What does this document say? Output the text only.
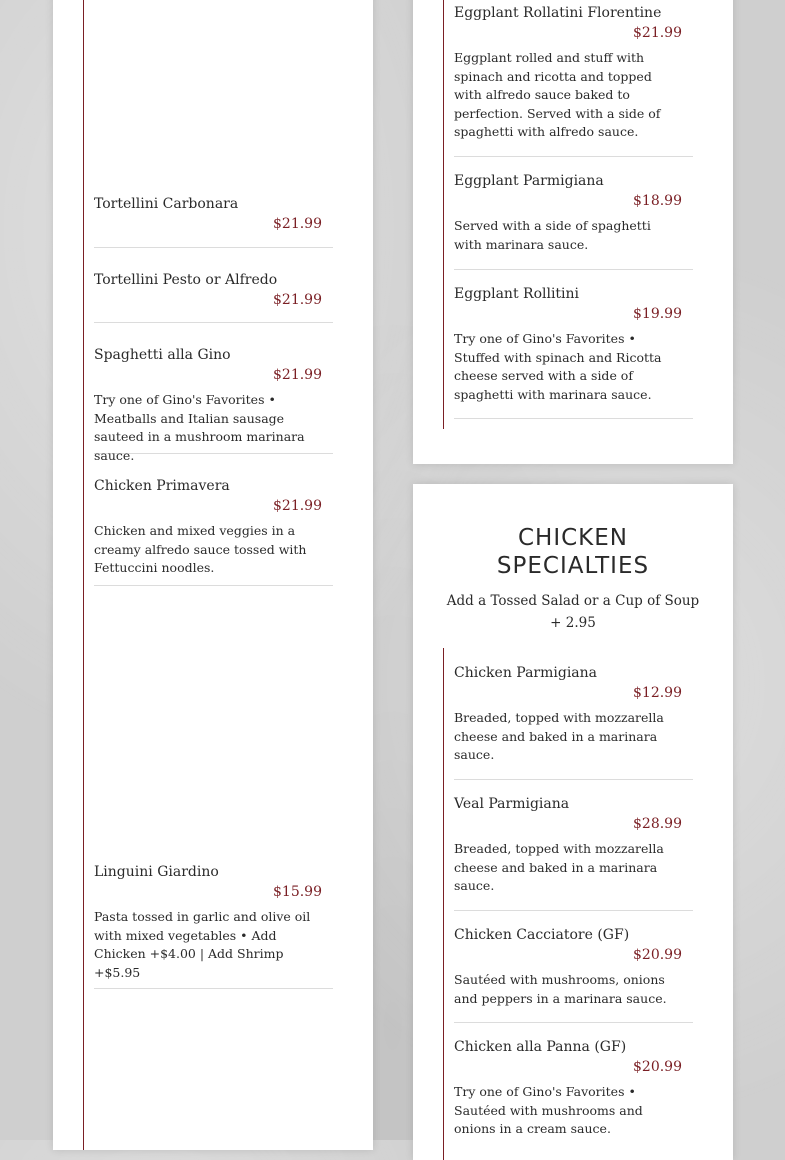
Tortellini Carbonara
$21.99
Tortellini Pesto or Alfredo
$21.99
Spaghetti alla Gino
$21.99
Try one of Gino's Favorites • Meatballs and Italian sausage sauteed in a mushroom marinara sauce.
Chicken Primavera
$21.99
Chicken and mixed veggies in a creamy alfredo sauce tossed with Fettuccini noodles.
Linguini Giardino
$15.99
Pasta tossed in garlic and olive oil with mixed vegetables • Add Chicken +$4.00 | Add Shrimp +$5.95
Eggplant Rollatini Florentine
$21.99
Eggplant rolled and stuff with spinach and ricotta and topped with alfredo sauce baked to perfection. Served with a side of spaghetti with alfredo sauce.
Eggplant Parmigiana
$18.99
Served with a side of spaghetti with marinara sauce.
Eggplant Rollitini
$19.99
Try one of Gino's Favorites • Stuffed with spinach and Ricotta cheese served with a side of spaghetti with marinara sauce.
CHICKEN
SPECIALTIES
Add a Tossed Salad or a Cup of Soup + 2.95
Chicken Parmigiana
$12.99
Breaded, topped with mozzarella cheese and baked in a marinara sauce.
Veal Parmigiana
$28.99
Breaded, topped with mozzarella cheese and baked in a marinara sauce.
Chicken Cacciatore (GF)
$20.99
Sautéed with mushrooms, onions and peppers in a marinara sauce.
Chicken alla Panna (GF)
$20.99
Try one of Gino's Favorites • Sautéed with mushrooms and onions in a cream sauce.
